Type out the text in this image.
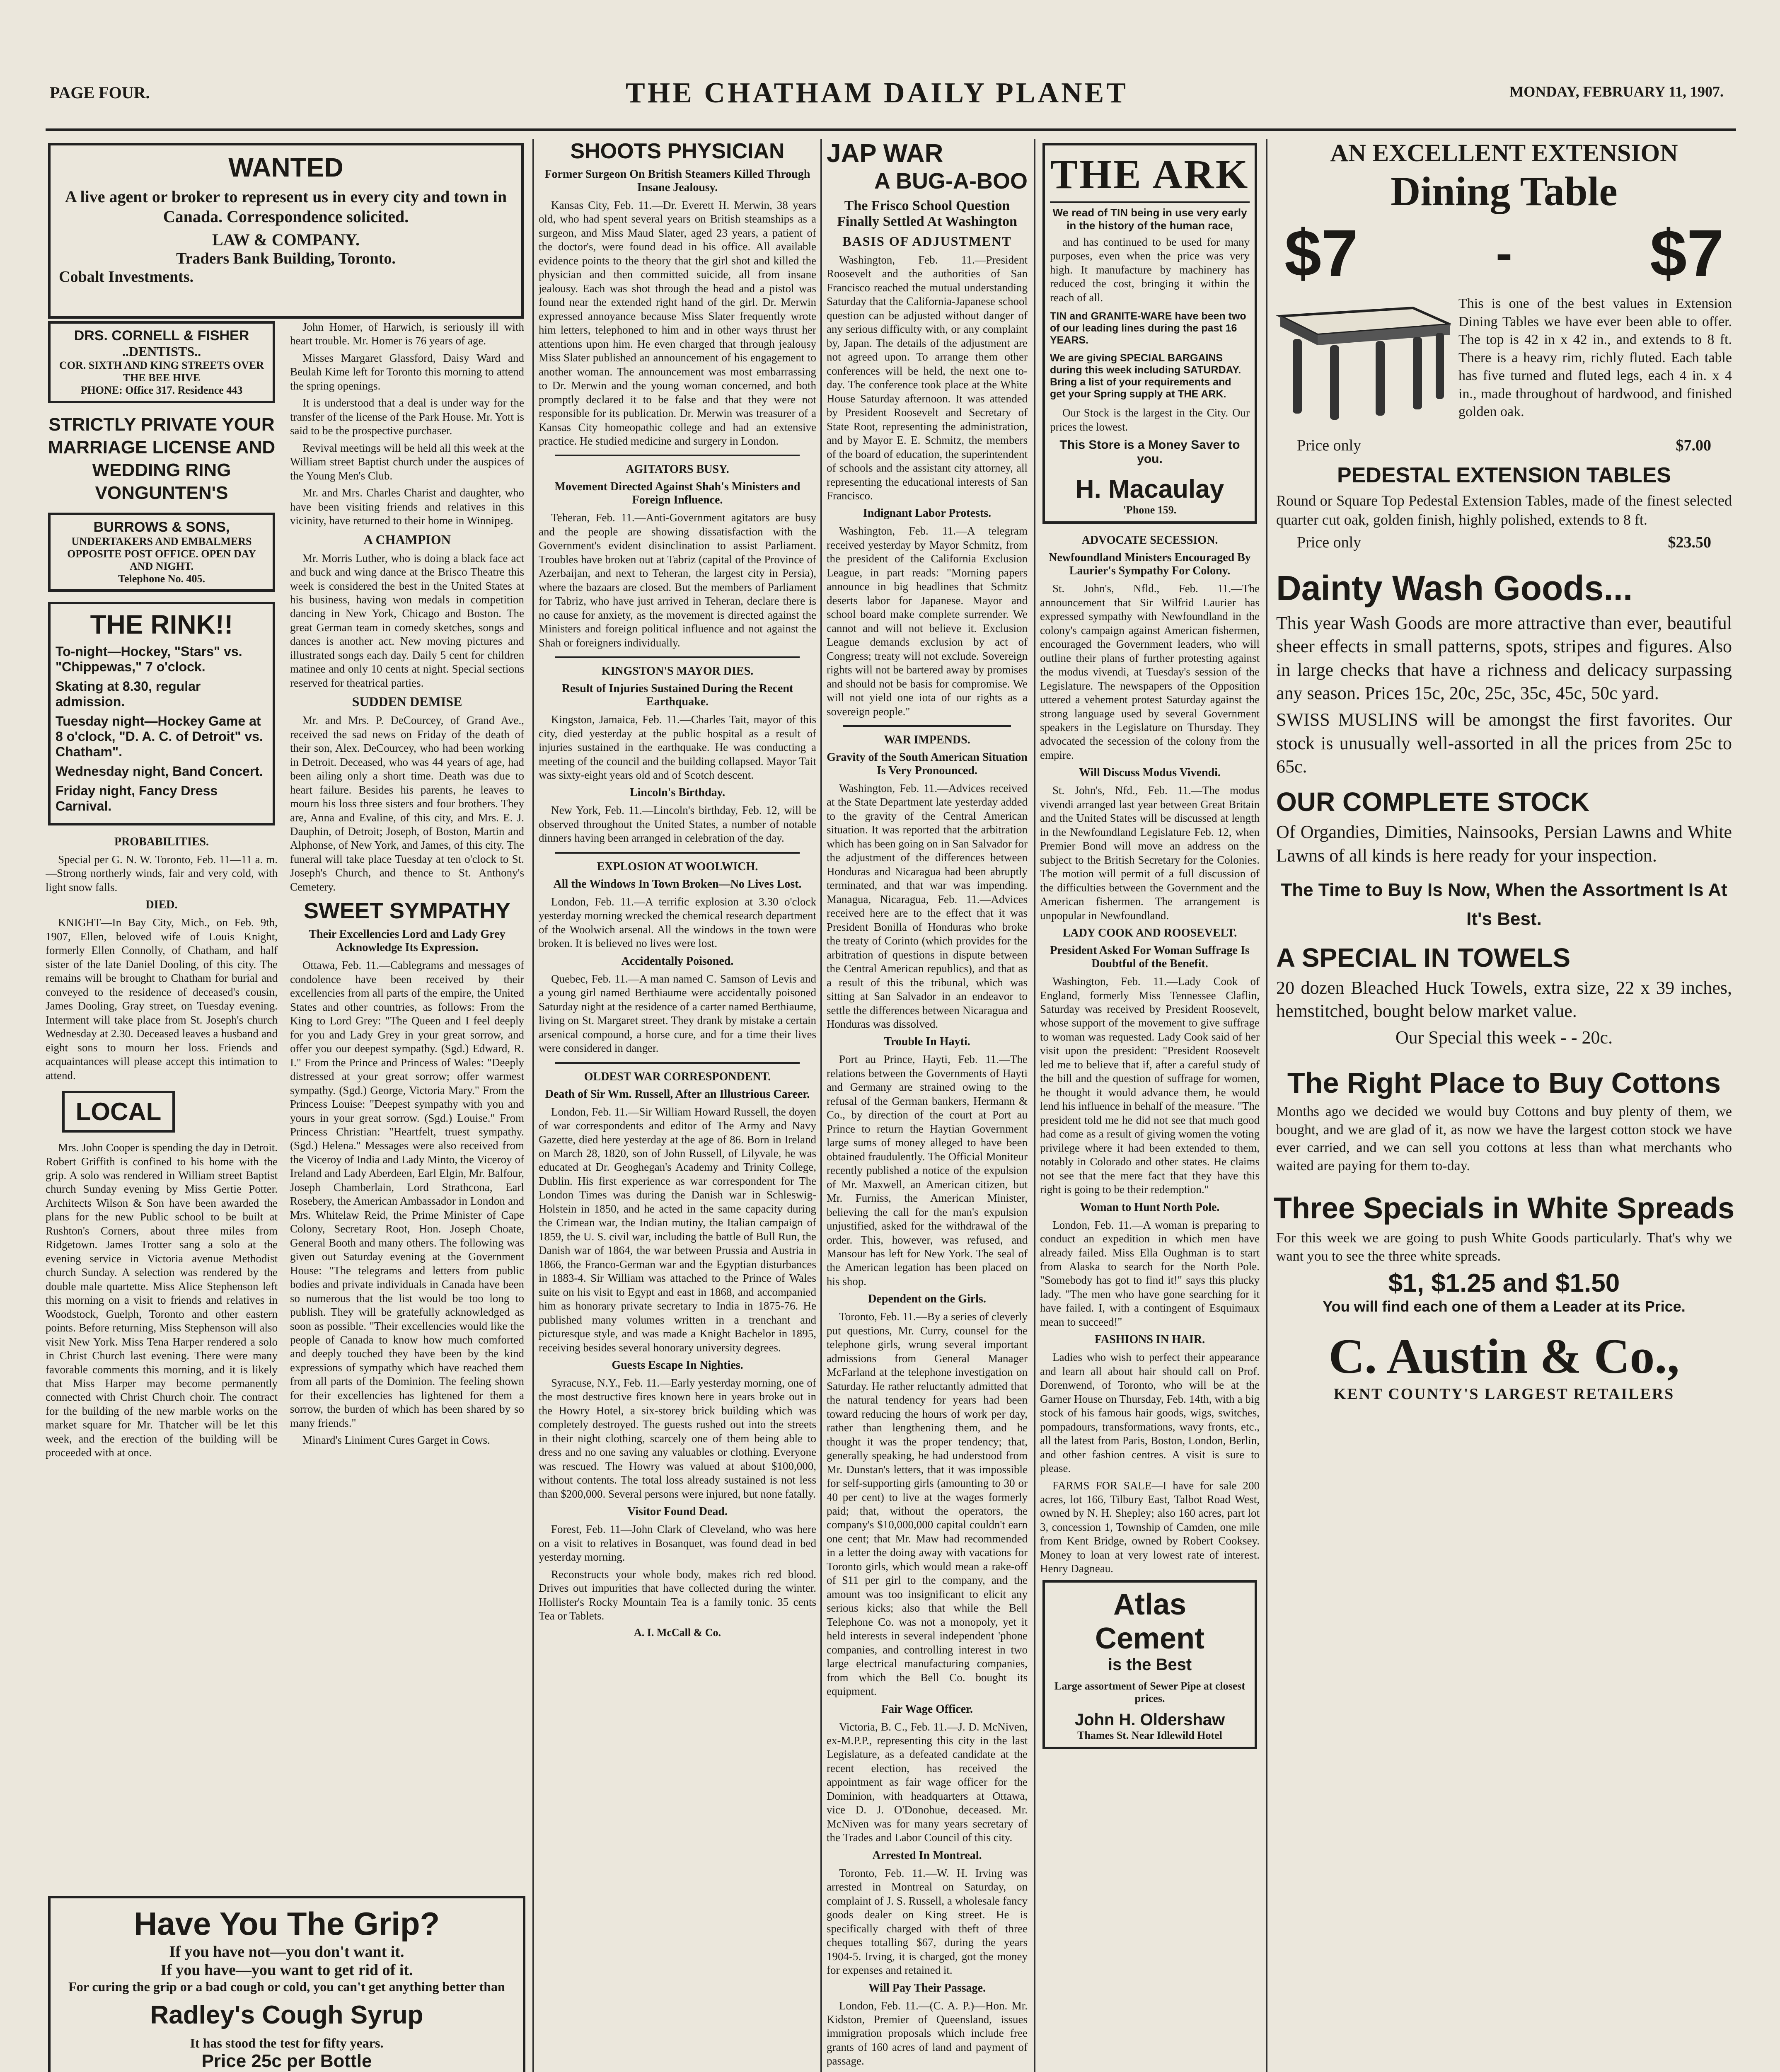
PAGE FOUR.	THE CHATHAM DAILY PLANET	MONDAY, FEBRUARY 11, 1907.
WANTED
A live agent or broker to represent us in every city and town in Canada. Correspondence solicited.
LAW & COMPANY.
Traders Bank Building, Toronto.
Cobalt Investments.
DRS. CORNELL & FISHER
..DENTISTS..
COR. SIXTH AND KING STREETS OVER THE BEE HIVE
PHONE: Office 317. Residence 443
STRICTLY PRIVATE YOUR MARRIAGE LICENSE AND WEDDING RING VONGUNTEN'S
BURROWS & SONS,
UNDERTAKERS AND EMBALMERS
OPPOSITE POST OFFICE. OPEN DAY AND NIGHT.
Telephone No. 405.
THE RINK!!
To-night—Hockey, "Stars" vs. "Chippewas," 7 o'clock.
Skating at 8.30, regular admission.
Tuesday night—Hockey Game at 8 o'clock, "D. A. C. of Detroit" vs. Chatham".
Wednesday night, Band Concert.
Friday night, Fancy Dress Carnival.
PROBABILITIES.
Special per G. N. W. Toronto, Feb. 11—11 a. m.—Strong northerly winds, fair and very cold, with light snow falls.
DIED.
KNIGHT—In Bay City, Mich., on Feb. 9th, 1907, Ellen, beloved wife of Louis Knight, formerly Ellen Connolly, of Chatham, and half sister of the late Daniel Dooling, of this city. The remains will be brought to Chatham for burial and conveyed to the residence of deceased's cousin, James Dooling, Gray street, on Tuesday evening. Interment will take place from St. Joseph's church Wednesday at 2.30. Deceased leaves a husband and eight sons to mourn her loss. Friends and acquaintances will please accept this intimation to attend.
LOCAL
Mrs. John Cooper is spending the day in Detroit. Robert Griffith is confined to his home with the grip. A solo was rendered in William street Baptist church Sunday evening by Miss Gertie Potter. Architects Wilson & Son have been awarded the plans for the new Public school to be built at Rushton's Corners, about three miles from Ridgetown. James Trotter sang a solo at the evening service in Victoria avenue Methodist church Sunday. A selection was rendered by the double male quartette. Miss Alice Stephenson left this morning on a visit to friends and relatives in Woodstock, Guelph, Toronto and other eastern points. Before returning, Miss Stephenson will also visit New York. Miss Tena Harper rendered a solo in Christ Church last evening. There were many favorable comments this morning, and it is likely that Miss Harper may become permanently connected with Christ Church choir. The contract for the building of the new marble works on the market square for Mr. Thatcher will be let this week, and the erection of the building will be proceeded with at once.
John Homer, of Harwich, is seriously ill with heart trouble. Mr. Homer is 76 years of age.
Misses Margaret Glassford, Daisy Ward and Beulah Kime left for Toronto this morning to attend the spring openings.
It is understood that a deal is under way for the transfer of the license of the Park House. Mr. Yott is said to be the prospective purchaser.
Revival meetings will be held all this week at the William street Baptist church under the auspices of the Young Men's Club.
Mr. and Mrs. Charles Charist and daughter, who have been visiting friends and relatives in this vicinity, have returned to their home in Winnipeg.
A CHAMPION
Mr. Morris Luther, who is doing a black face act and buck and wing dance at the Brisco Theatre this week is considered the best in the United States at his business, having won medals in competition dancing in New York, Chicago and Boston. The great German team in comedy sketches, songs and dances is another act. New moving pictures and illustrated songs each day. Daily 5 cent for children matinee and only 10 cents at night. Special sections reserved for theatrical parties.
SUDDEN DEMISE
Mr. and Mrs. P. DeCourcey, of Grand Ave., received the sad news on Friday of the death of their son, Alex. DeCourcey, who had been working in Detroit. Deceased, who was 44 years of age, had been ailing only a short time. Death was due to heart failure. Besides his parents, he leaves to mourn his loss three sisters and four brothers. They are, Anna and Evaline, of this city, and Mrs. E. J. Dauphin, of Detroit; Joseph, of Boston, Martin and Alphonse, of New York, and James, of this city. The funeral will take place Tuesday at ten o'clock to St. Joseph's Church, and thence to St. Anthony's Cemetery.
SWEET SYMPATHY
Their Excellencies Lord and Lady Grey Acknowledge Its Expression.
Ottawa, Feb. 11.—Cablegrams and messages of condolence have been received by their excellencies from all parts of the empire, the United States and other countries, as follows: From the King to Lord Grey: "The Queen and I feel deeply for you and Lady Grey in your great sorrow, and offer you our deepest sympathy. (Sgd.) Edward, R. I." From the Prince and Princess of Wales: "Deeply distressed at your great sorrow; offer warmest sympathy. (Sgd.) George, Victoria Mary." From the Princess Louise: "Deepest sympathy with you and yours in your great sorrow. (Sgd.) Louise." From Princess Christian: "Heartfelt, truest sympathy. (Sgd.) Helena." Messages were also received from the Viceroy of India and Lady Minto, the Viceroy of Ireland and Lady Aberdeen, Earl Elgin, Mr. Balfour, Joseph Chamberlain, Lord Strathcona, Earl Rosebery, the American Ambassador in London and Mrs. Whitelaw Reid, the Prime Minister of Cape Colony, Secretary Root, Hon. Joseph Choate, General Booth and many others. The following was given out Saturday evening at the Government House: "The telegrams and letters from public bodies and private individuals in Canada have been so numerous that the list would be too long to publish. They will be gratefully acknowledged as soon as possible. "Their excellencies would like the people of Canada to know how much comforted and deeply touched they have been by the kind expressions of sympathy which have reached them from all parts of the Dominion. The feeling shown for their excellencies has lightened for them a sorrow, the burden of which has been shared by so many friends."
Minard's Liniment Cures Garget in Cows.
Have You The Grip?
If you have not—you don't want it.
If you have—you want to get rid of it.
For curing the grip or a bad cough or cold, you can't get anything better than
Radley's Cough Syrup
It has stood the test for fifty years.
Price 25c per Bottle
SHOOTS PHYSICIAN
Former Surgeon On British Steamers Killed Through Insane Jealousy.
Kansas City, Feb. 11.—Dr. Everett H. Merwin, 38 years old, who had spent several years on British steamships as a surgeon, and Miss Maud Slater, aged 23 years, a patient of the doctor's, were found dead in his office. All available evidence points to the theory that the girl shot and killed the physician and then committed suicide, all from insane jealousy. Each was shot through the head and a pistol was found near the extended right hand of the girl. Dr. Merwin expressed annoyance because Miss Slater frequently wrote him letters, telephoned to him and in other ways thrust her attentions upon him. He even charged that through jealousy Miss Slater published an announcement of his engagement to another woman. The announcement was most embarrassing to Dr. Merwin and the young woman concerned, and both promptly declared it to be false and that they were not responsible for its publication. Dr. Merwin was treasurer of a Kansas City homeopathic college and had an extensive practice. He studied medicine and surgery in London.
AGITATORS BUSY.
Movement Directed Against Shah's Ministers and Foreign Influence.
Teheran, Feb. 11.—Anti-Government agitators are busy and the people are showing dissatisfaction with the Government's evident disinclination to assist Parliament. Troubles have broken out at Tabriz (capital of the Province of Azerbaijan, and next to Teheran, the largest city in Persia), where the bazaars are closed. But the members of Parliament for Tabriz, who have just arrived in Teheran, declare there is no cause for anxiety, as the movement is directed against the Ministers and foreign political influence and not against the Shah or foreigners individually.
KINGSTON'S MAYOR DIES.
Result of Injuries Sustained During the Recent Earthquake.
Kingston, Jamaica, Feb. 11.—Charles Tait, mayor of this city, died yesterday at the public hospital as a result of injuries sustained in the earthquake. He was conducting a meeting of the council and the building collapsed. Mayor Tait was sixty-eight years old and of Scotch descent.
Lincoln's Birthday.
New York, Feb. 11.—Lincoln's birthday, Feb. 12, will be observed throughout the United States, a number of notable dinners having been arranged in celebration of the day.
EXPLOSION AT WOOLWICH.
All the Windows In Town Broken—No Lives Lost.
London, Feb. 11.—A terrific explosion at 3.30 o'clock yesterday morning wrecked the chemical research department of the Woolwich arsenal. All the windows in the town were broken. It is believed no lives were lost.
Accidentally Poisoned.
Quebec, Feb. 11.—A man named C. Samson of Levis and a young girl named Berthiaume were accidentally poisoned Saturday night at the residence of a carter named Berthiaume, living on St. Margaret street. They drank by mistake a certain arsenical compound, a horse cure, and for a time their lives were considered in danger.
OLDEST WAR CORRESPONDENT.
Death of Sir Wm. Russell, After an Illustrious Career.
London, Feb. 11.—Sir William Howard Russell, the doyen of war correspondents and editor of The Army and Navy Gazette, died here yesterday at the age of 86. Born in Ireland on March 28, 1820, son of John Russell, of Lilyvale, he was educated at Dr. Geoghegan's Academy and Trinity College, Dublin. His first experience as war correspondent for The London Times was during the Danish war in Schleswig-Holstein in 1850, and he acted in the same capacity during the Crimean war, the Indian mutiny, the Italian campaign of 1859, the U. S. civil war, including the battle of Bull Run, the Danish war of 1864, the war between Prussia and Austria in 1866, the Franco-German war and the Egyptian disturbances in 1883-4. Sir William was attached to the Prince of Wales suite on his visit to Egypt and east in 1868, and accompanied him as honorary private secretary to India in 1875-76. He published many volumes written in a trenchant and picturesque style, and was made a Knight Bachelor in 1895, receiving besides several honorary university degrees.
Guests Escape In Nighties.
Syracuse, N.Y., Feb. 11.—Early yesterday morning, one of the most destructive fires known here in years broke out in the Howry Hotel, a six-storey brick building which was completely destroyed. The guests rushed out into the streets in their night clothing, scarcely one of them being able to dress and no one saving any valuables or clothing. Everyone was rescued. The Howry was valued at about $100,000, without contents. The total loss already sustained is not less than $200,000. Several persons were injured, but none fatally.
Visitor Found Dead.
Forest, Feb. 11—John Clark of Cleveland, who was here on a visit to relatives in Bosanquet, was found dead in bed yesterday morning.
Reconstructs your whole body, makes rich red blood. Drives out impurities that have collected during the winter. Hollister's Rocky Mountain Tea is a family tonic. 35 cents Tea or Tablets.
A. I. McCall & Co.
JAP WAR
A BUG-A-BOO
The Frisco School Question Finally Settled At Washington
BASIS OF ADJUSTMENT
Washington, Feb. 11.—President Roosevelt and the authorities of San Francisco reached the mutual understanding Saturday that the California-Japanese school question can be adjusted without danger of any serious difficulty with, or any complaint by, Japan. The details of the adjustment are not agreed upon. To arrange them other conferences will be held, the next one to-day. The conference took place at the White House Saturday afternoon. It was attended by President Roosevelt and Secretary of State Root, representing the administration, and by Mayor E. E. Schmitz, the members of the board of education, the superintendent of schools and the assistant city attorney, all representing the educational interests of San Francisco.
Indignant Labor Protests.
Washington, Feb. 11.—A telegram received yesterday by Mayor Schmitz, from the president of the California Exclusion League, in part reads: "Morning papers announce in big headlines that Schmitz deserts labor for Japanese. Mayor and school board make complete surrender. We cannot and will not believe it. Exclusion League demands exclusion by act of Congress; treaty will not exclude. Sovereign rights will not be bartered away by promises and should not be basis for compromise. We will not yield one iota of our rights as a sovereign people."
WAR IMPENDS.
Gravity of the South American Situation Is Very Pronounced.
Washington, Feb. 11.—Advices received at the State Department late yesterday added to the gravity of the Central American situation. It was reported that the arbitration which has been going on in San Salvador for the adjustment of the differences between Honduras and Nicaragua had been abruptly terminated, and that war was impending. Managua, Nicaragua, Feb. 11.—Advices received here are to the effect that it was President Bonilla of Honduras who broke the treaty of Corinto (which provides for the arbitration of questions in dispute between the Central American republics), and that as a result of this the tribunal, which was sitting at San Salvador in an endeavor to settle the differences between Nicaragua and Honduras was dissolved.
Trouble In Hayti.
Port au Prince, Hayti, Feb. 11.—The relations between the Governments of Hayti and Germany are strained owing to the refusal of the German bankers, Hermann & Co., by direction of the court at Port au Prince to return the Haytian Government large sums of money alleged to have been obtained fraudulently. The Official Moniteur recently published a notice of the expulsion of Mr. Maxwell, an American citizen, but Mr. Furniss, the American Minister, believing the call for the man's expulsion unjustified, asked for the withdrawal of the order. This, however, was refused, and Mansour has left for New York. The seal of the American legation has been placed on his shop.
Dependent on the Girls.
Toronto, Feb. 11.—By a series of cleverly put questions, Mr. Curry, counsel for the telephone girls, wrung several important admissions from General Manager McFarland at the telephone investigation on Saturday. He rather reluctantly admitted that the natural tendency for years had been toward reducing the hours of work per day, rather than lengthening them, and he thought it was the proper tendency; that, generally speaking, he had understood from Mr. Dunstan's letters, that it was impossible for self-supporting girls (amounting to 30 or 40 per cent) to live at the wages formerly paid; that, without the operators, the company's $10,000,000 capital couldn't earn one cent; that Mr. Maw had recommended in a letter the doing away with vacations for Toronto girls, which would mean a rake-off of $11 per girl to the company, and the amount was too insignificant to elicit any serious kicks; also that while the Bell Telephone Co. was not a monopoly, yet it held interests in several independent 'phone companies, and controlling interest in two large electrical manufacturing companies, from which the Bell Co. bought its equipment.
Fair Wage Officer.
Victoria, B. C., Feb. 11.—J. D. McNiven, ex-M.P.P., representing this city in the last Legislature, as a defeated candidate at the recent election, has received the appointment as fair wage officer for the Dominion, with headquarters at Ottawa, vice D. J. O'Donohue, deceased. Mr. McNiven was for many years secretary of the Trades and Labor Council of this city.
Arrested In Montreal.
Toronto, Feb. 11.—W. H. Irving was arrested in Montreal on Saturday, on complaint of J. S. Russell, a wholesale fancy goods dealer on King street. He is specifically charged with theft of three cheques totalling $67, during the years 1904-5. Irving, it is charged, got the money for expenses and retained it.
Will Pay Their Passage.
London, Feb. 11.—(C. A. P.)—Hon. Mr. Kidston, Premier of Queensland, issues immigration proposals which include free grants of 160 acres of land and payment of passage.
THE ARK
We read of TIN being in use very early in the history of the human race,
and has continued to be used for many purposes, even when the price was very high. It manufacture by machinery has reduced the cost, bringing it within the reach of all.
TIN and GRANITE-WARE have been two of our leading lines during the past 16 YEARS.
We are giving SPECIAL BARGAINS during this week including SATURDAY. Bring a list of your requirements and get your Spring supply at THE ARK.
Our Stock is the largest in the City. Our prices the lowest.
This Store is a Money Saver to you.
H. Macaulay
'Phone 159.
ADVOCATE SECESSION.
Newfoundland Ministers Encouraged By Laurier's Sympathy For Colony.
St. John's, Nfld., Feb. 11.—The announcement that Sir Wilfrid Laurier has expressed sympathy with Newfoundland in the colony's campaign against American fishermen, encouraged the Government leaders, who will outline their plans of further protesting against the modus vivendi, at Tuesday's session of the Legislature. The newspapers of the Opposition uttered a vehement protest Saturday against the strong language used by several Government speakers in the Legislature on Thursday. They advocated the secession of the colony from the empire.
Will Discuss Modus Vivendi.
St. John's, Nfd., Feb. 11.—The modus vivendi arranged last year between Great Britain and the United States will be discussed at length in the Newfoundland Legislature Feb. 12, when Premier Bond will move an address on the subject to the British Secretary for the Colonies. The motion will permit of a full discussion of the difficulties between the Government and the American fishermen. The arrangement is unpopular in Newfoundland.
LADY COOK AND ROOSEVELT.
President Asked For Woman Suffrage Is Doubtful of the Benefit.
Washington, Feb. 11.—Lady Cook of England, formerly Miss Tennessee Claflin, Saturday was received by President Roosevelt, whose support of the movement to give suffrage to woman was requested. Lady Cook said of her visit upon the president: "President Roosevelt led me to believe that if, after a careful study of the bill and the question of suffrage for women, he thought it would advance them, he would lend his influence in behalf of the measure. "The president told me he did not see that much good had come as a result of giving women the voting privilege where it had been extended to them, notably in Colorado and other states. He claims not see that the mere fact that they have this right is going to be their redemption."
Woman to Hunt North Pole.
London, Feb. 11.—A woman is preparing to conduct an expedition in which men have already failed. Miss Ella Oughman is to start from Alaska to search for the North Pole. "Somebody has got to find it!" says this plucky lady. "The men who have gone searching for it have failed. I, with a contingent of Esquimaux mean to succeed!"
FASHIONS IN HAIR.
Ladies who wish to perfect their appearance and learn all about hair should call on Prof. Dorenwend, of Toronto, who will be at the Garner House on Thursday, Feb. 14th, with a big stock of his famous hair goods, wigs, switches, pompadours, transformations, wavy fronts, etc., all the latest from Paris, Boston, London, Berlin, and other fashion centres. A visit is sure to please.
FARMS FOR SALE—I have for sale 200 acres, lot 166, Tilbury East, Talbot Road West, owned by N. H. Shepley; also 160 acres, part lot 3, concession 1, Township of Camden, one mile from Kent Bridge, owned by Robert Cooksey. Money to loan at very lowest rate of interest. Henry Dagneau.
Atlas
Cement
is the Best
Large assortment of Sewer Pipe at closest prices.
John H. Oldershaw
Thames St. Near Idlewild Hotel
AN EXCELLENT EXTENSION
Dining Table
$7	- $7
This is one of the best values in Extension Dining Tables we have ever been able to offer. The top is 42 in x 42 in., and extends to 8 ft. There is a heavy rim, richly fluted. Each table has five turned and fluted legs, each 4 in. x 4 in., made throughout of hardwood, and finished golden oak.
Price only	$7.00
PEDESTAL EXTENSION TABLES
Round or Square Top Pedestal Extension Tables, made of the finest selected quarter cut oak, golden finish, highly polished, extends to 8 ft.
Price only	$23.50
Dainty Wash Goods...
This year Wash Goods are more attractive than ever, beautiful sheer effects in small patterns, spots, stripes and figures. Also in large checks that have a richness and delicacy surpassing any season. Prices 15c, 20c, 25c, 35c, 45c, 50c yard.
SWISS MUSLINS will be amongst the first favorites. Our stock is unusually well-assorted in all the prices from 25c to 65c.
OUR COMPLETE STOCK
Of Organdies, Dimities, Nainsooks, Persian Lawns and White Lawns of all kinds is here ready for your inspection.
The Time to Buy Is Now, When the Assortment Is At It's Best.
A SPECIAL IN TOWELS
20 dozen Bleached Huck Towels, extra size, 22 x 39 inches, hemstitched, bought below market value.
Our Special this week - - 20c.
The Right Place to Buy Cottons
Months ago we decided we would buy Cottons and buy plenty of them, we bought, and we are glad of it, as now we have the largest cotton stock we have ever carried, and we can sell you cottons at less than what merchants who waited are paying for them to-day.
Three Specials in White Spreads
For this week we are going to push White Goods particularly. That's why we want you to see the three white spreads.
$1, $1.25 and $1.50
You will find each one of them a Leader at its Price.
C. Austin & Co.,
KENT COUNTY'S LARGEST RETAILERS
